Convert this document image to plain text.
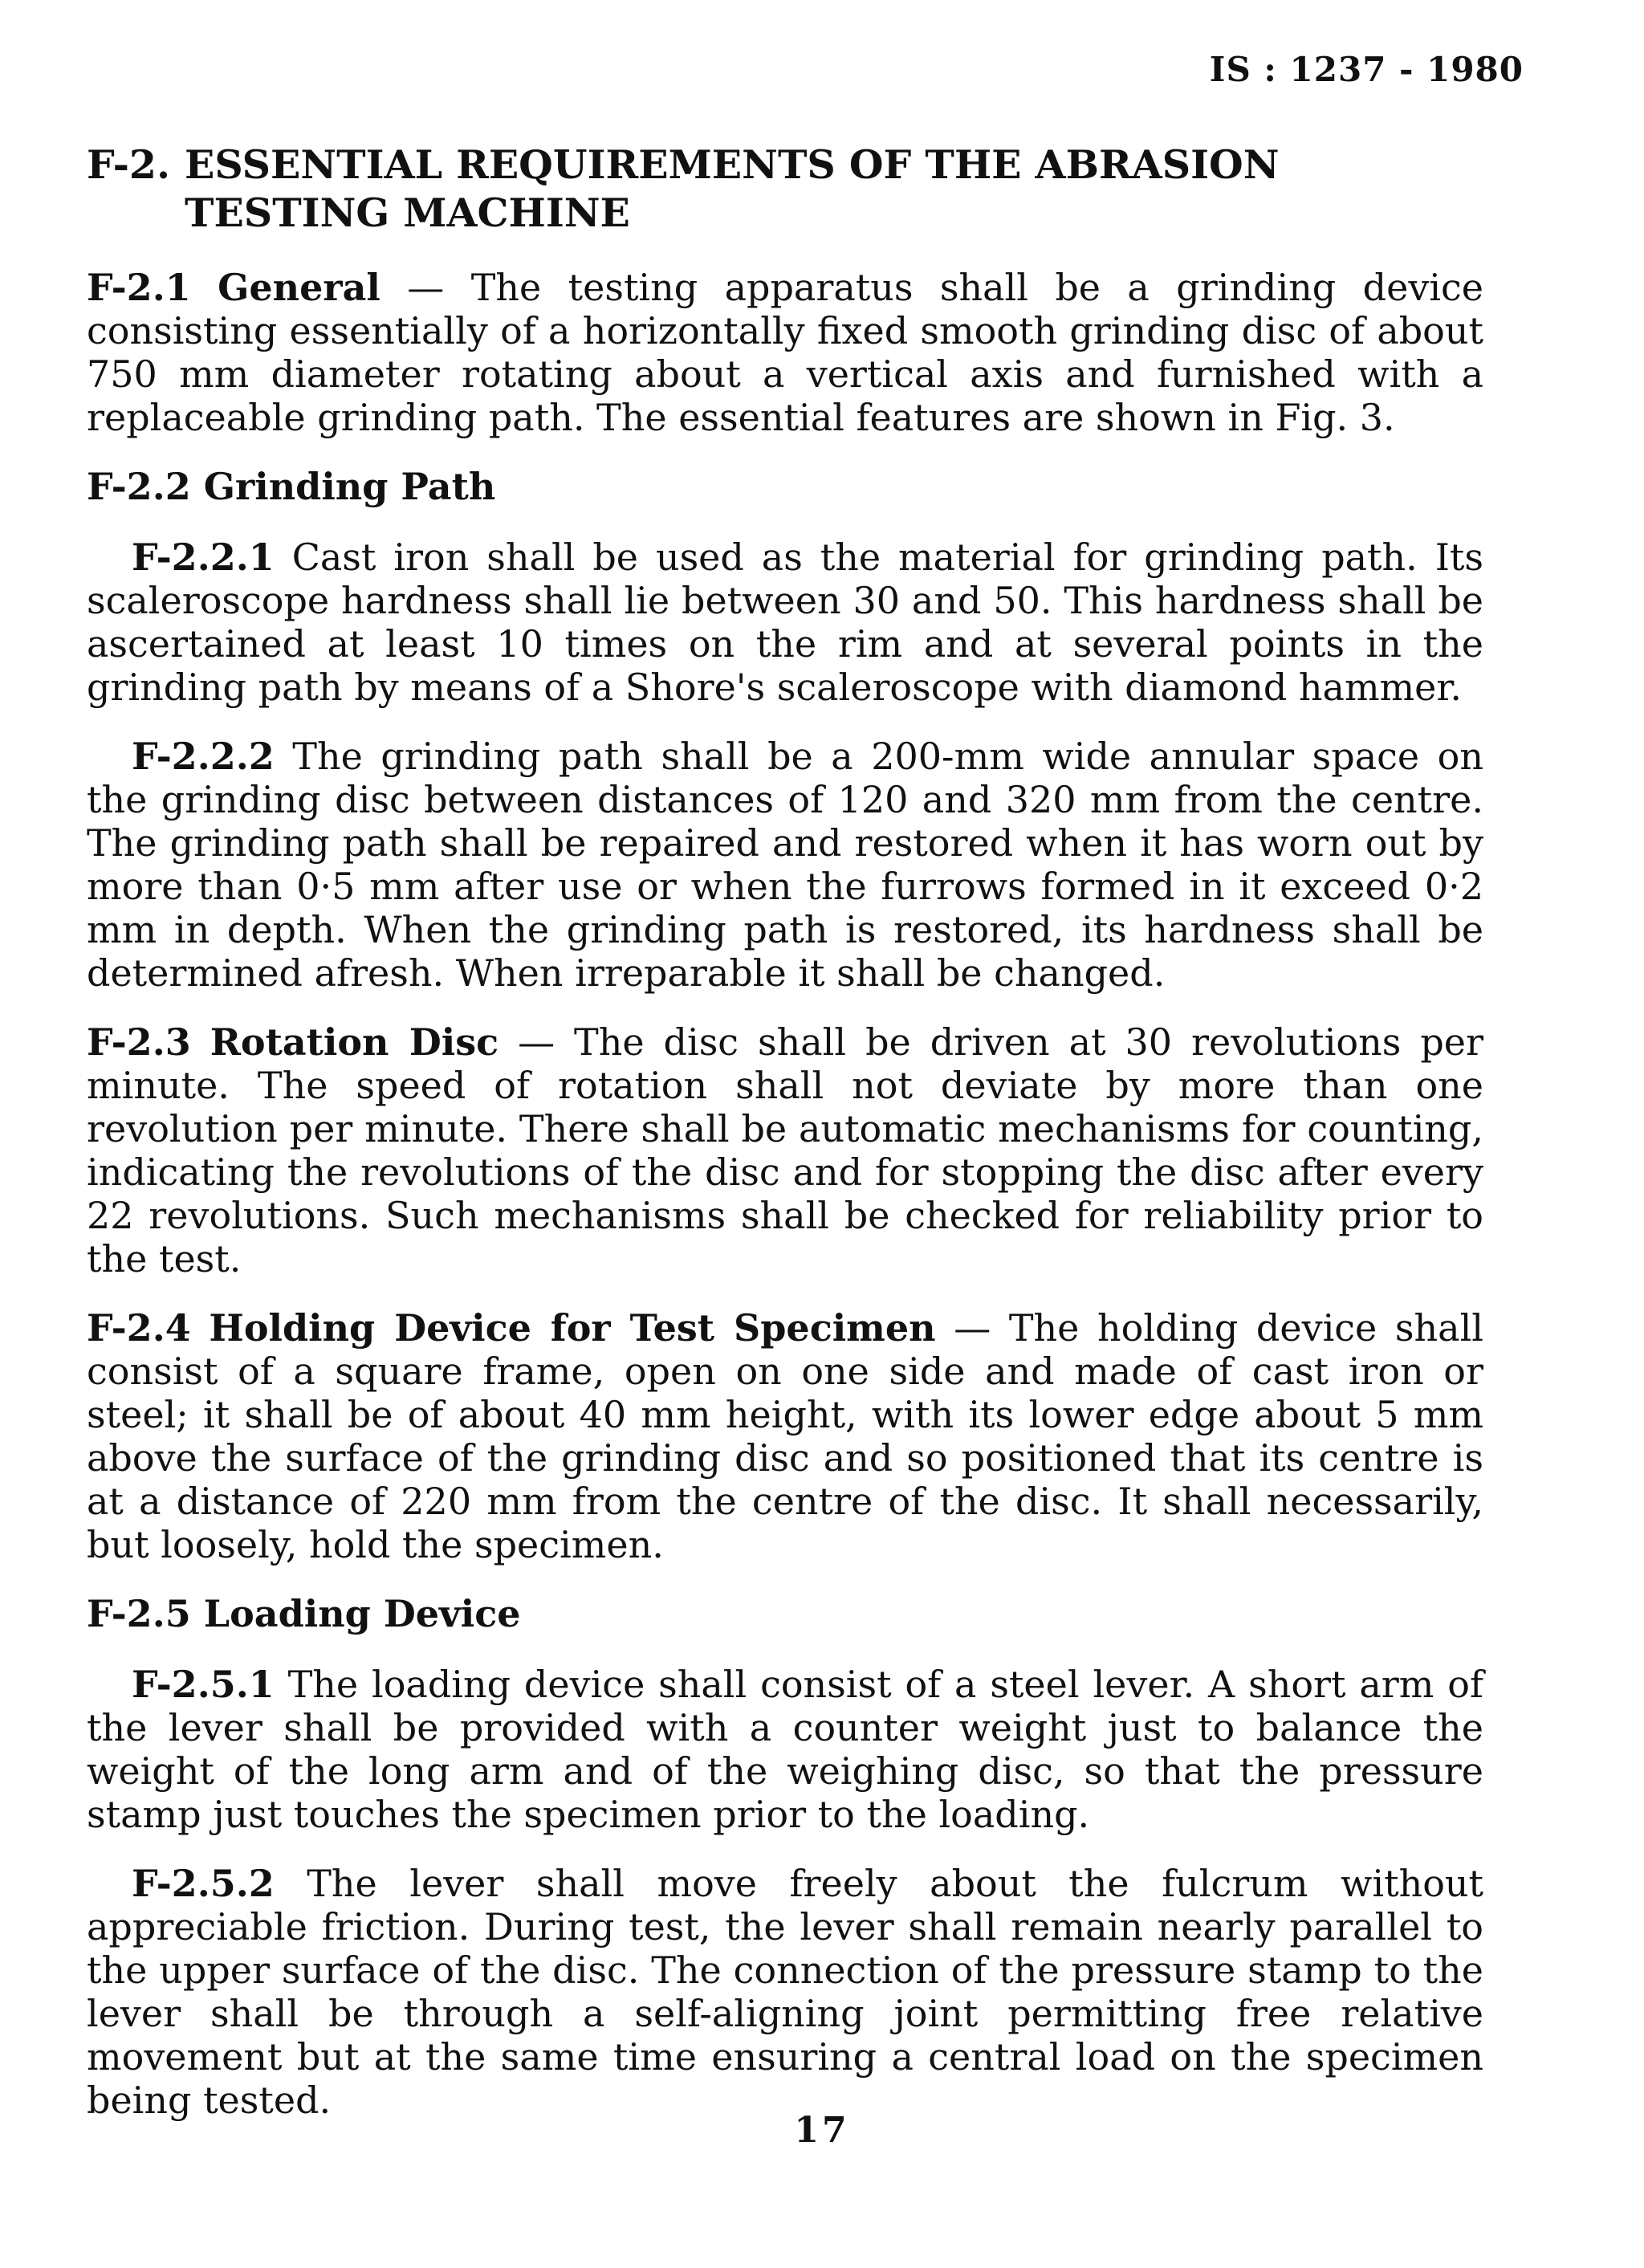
IS : 1237 - 1980
F-2. ESSENTIAL REQUIREMENTS OF THE ABRASION TESTING MACHINE

F-2.1 General — The testing apparatus shall be a grinding device consisting essentially of a horizontally fixed smooth grinding disc of about 750 mm diameter rotating about a vertical axis and furnished with a replaceable grinding path. The essential features are shown in Fig. 3.

F-2.2 Grinding Path

F-2.2.1 Cast iron shall be used as the material for grinding path. Its scaleroscope hardness shall lie between 30 and 50. This hardness shall be ascertained at least 10 times on the rim and at several points in the grinding path by means of a Shore's scaleroscope with diamond hammer.

F-2.2.2 The grinding path shall be a 200-mm wide annular space on the grinding disc between distances of 120 and 320 mm from the centre. The grinding path shall be repaired and restored when it has worn out by more than 0·5 mm after use or when the furrows formed in it exceed 0·2 mm in depth. When the grinding path is restored, its hardness shall be determined afresh. When irreparable it shall be changed.

F-2.3 Rotation Disc — The disc shall be driven at 30 revolutions per minute. The speed of rotation shall not deviate by more than one revolution per minute. There shall be automatic mechanisms for counting, indicating the revolutions of the disc and for stopping the disc after every 22 revolutions. Such mechanisms shall be checked for reliability prior to the test.

F-2.4 Holding Device for Test Specimen — The holding device shall consist of a square frame, open on one side and made of cast iron or steel; it shall be of about 40 mm height, with its lower edge about 5 mm above the surface of the grinding disc and so positioned that its centre is at a distance of 220 mm from the centre of the disc. It shall necessarily, but loosely, hold the specimen.

F-2.5 Loading Device

F-2.5.1 The loading device shall consist of a steel lever. A short arm of the lever shall be provided with a counter weight just to balance the weight of the long arm and of the weighing disc, so that the pressure stamp just touches the specimen prior to the loading.

F-2.5.2 The lever shall move freely about the fulcrum without appreciable friction. During test, the lever shall remain nearly parallel to the upper surface of the disc. The connection of the pressure stamp to the lever shall be through a self-aligning joint permitting free relative movement but at the same time ensuring a central load on the specimen being tested.

17
